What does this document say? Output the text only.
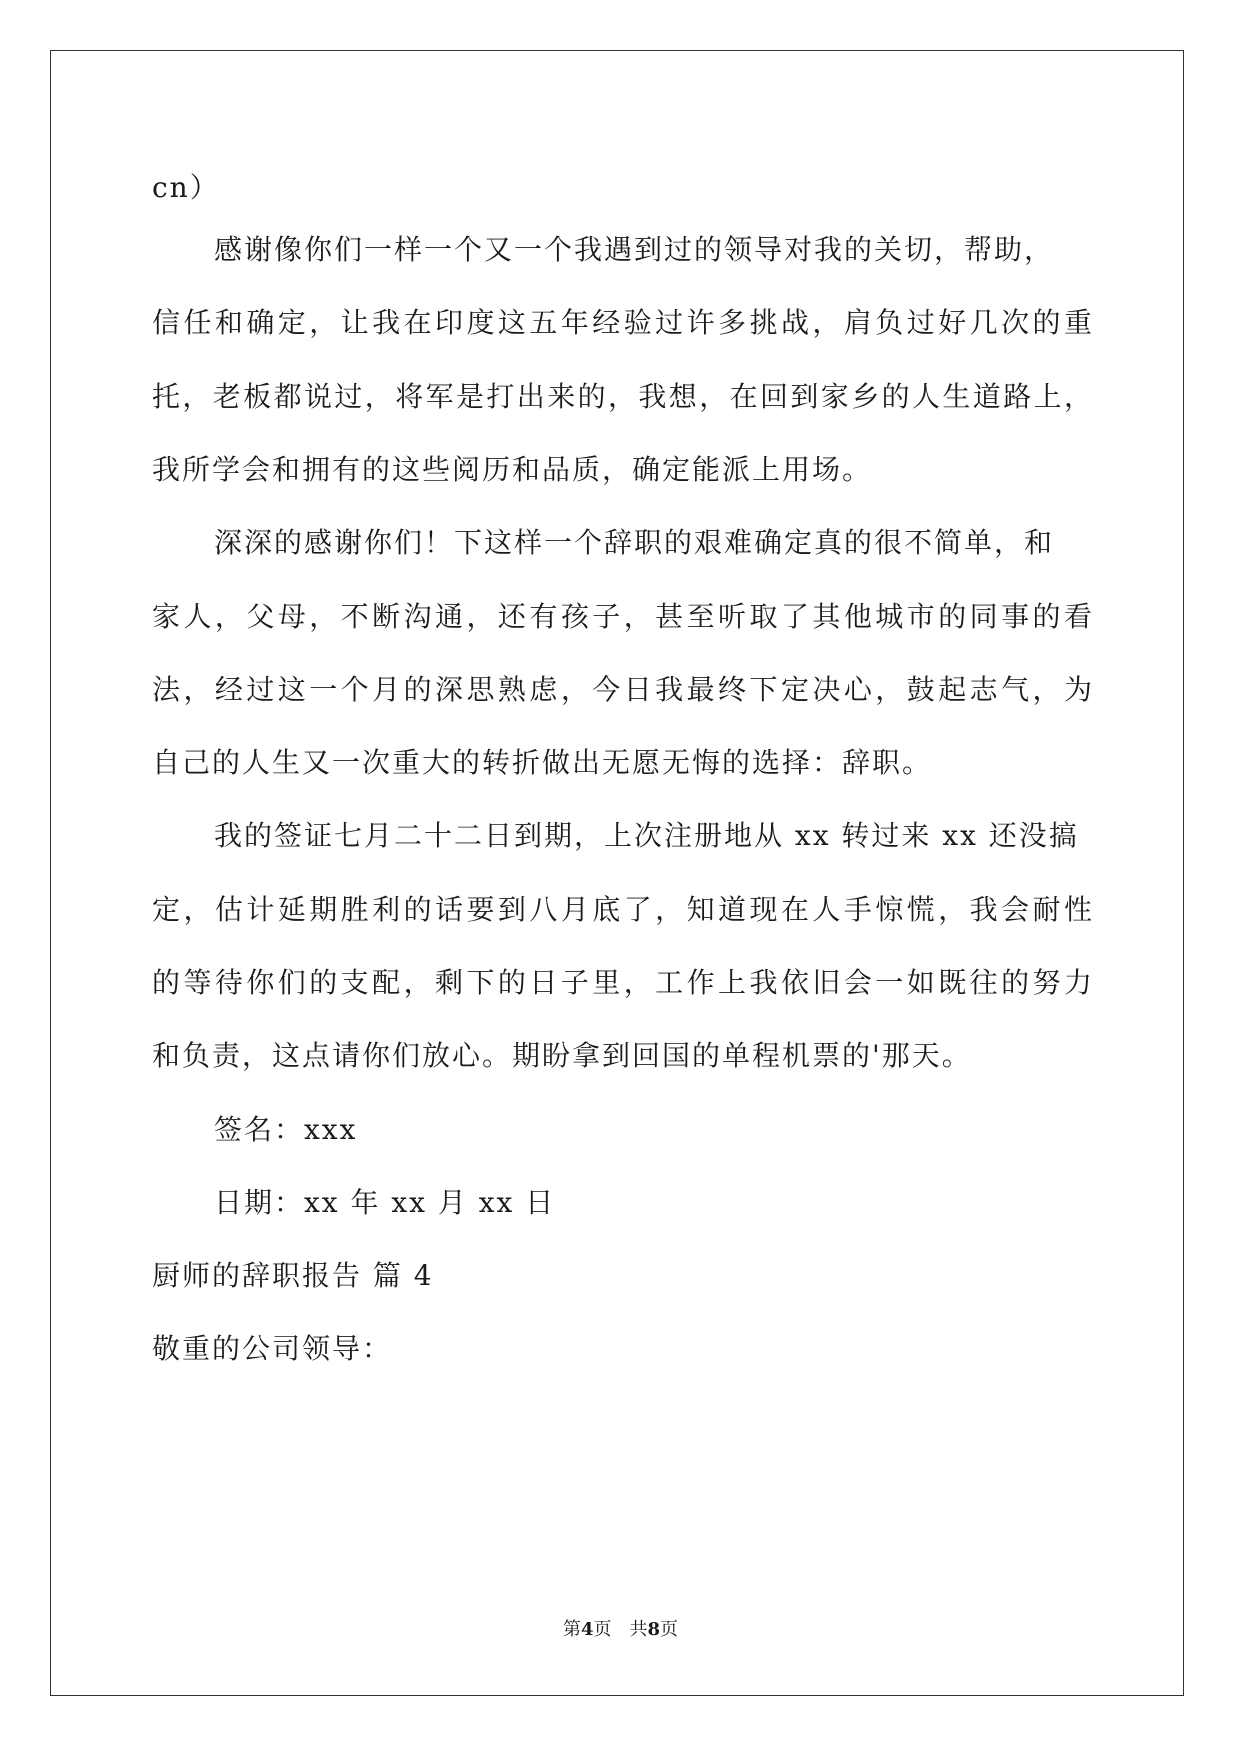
cn）
感谢像你们一样一个又一个我遇到过的领导对我的关切，帮助，
信任和确定，让我在印度这五年经验过许多挑战，肩负过好几次的重
托，老板都说过，将军是打出来的，我想，在回到家乡的人生道路上，
我所学会和拥有的这些阅历和品质，确定能派上用场。
深深的感谢你们！下这样一个辞职的艰难确定真的很不简单，和
家人，父母，不断沟通，还有孩子，甚至听取了其他城市的同事的看
法，经过这一个月的深思熟虑，今日我最终下定决心，鼓起志气，为
自己的人生又一次重大的转折做出无愿无悔的选择：辞职。
我的签证七月二十二日到期，上次注册地从 xx 转过来 xx 还没搞
定，估计延期胜利的话要到八月底了，知道现在人手惊慌，我会耐性
的等待你们的支配，剩下的日子里，工作上我依旧会一如既往的努力
和负责，这点请你们放心。期盼拿到回国的单程机票的'那天。
签名：xxx
日期：xx 年 xx 月 xx 日
厨师的辞职报告 篇 4
敬重的公司领导：
第4页　共8页
